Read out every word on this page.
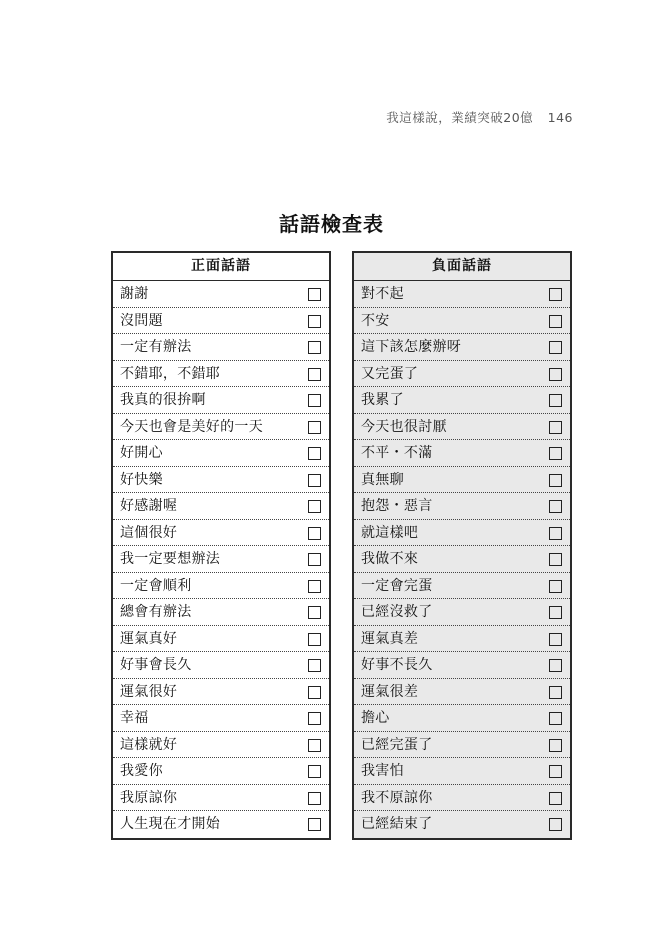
我這樣說，業績突破20億 146
話語檢查表
正面話語
謝謝
沒問題
一定有辦法
不錯耶，不錯耶
我真的很拚啊
今天也會是美好的一天
好開心
好快樂
好感謝喔
這個很好
我一定要想辦法
一定會順利
總會有辦法
運氣真好
好事會長久
運氣很好
幸福
這樣就好
我愛你
我原諒你
人生現在才開始
負面話語
對不起
不安
這下該怎麼辦呀
又完蛋了
我累了
今天也很討厭
不平・不滿
真無聊
抱怨・惡言
就這樣吧
我做不來
一定會完蛋
已經沒救了
運氣真差
好事不長久
運氣很差
擔心
已經完蛋了
我害怕
我不原諒你
已經結束了
